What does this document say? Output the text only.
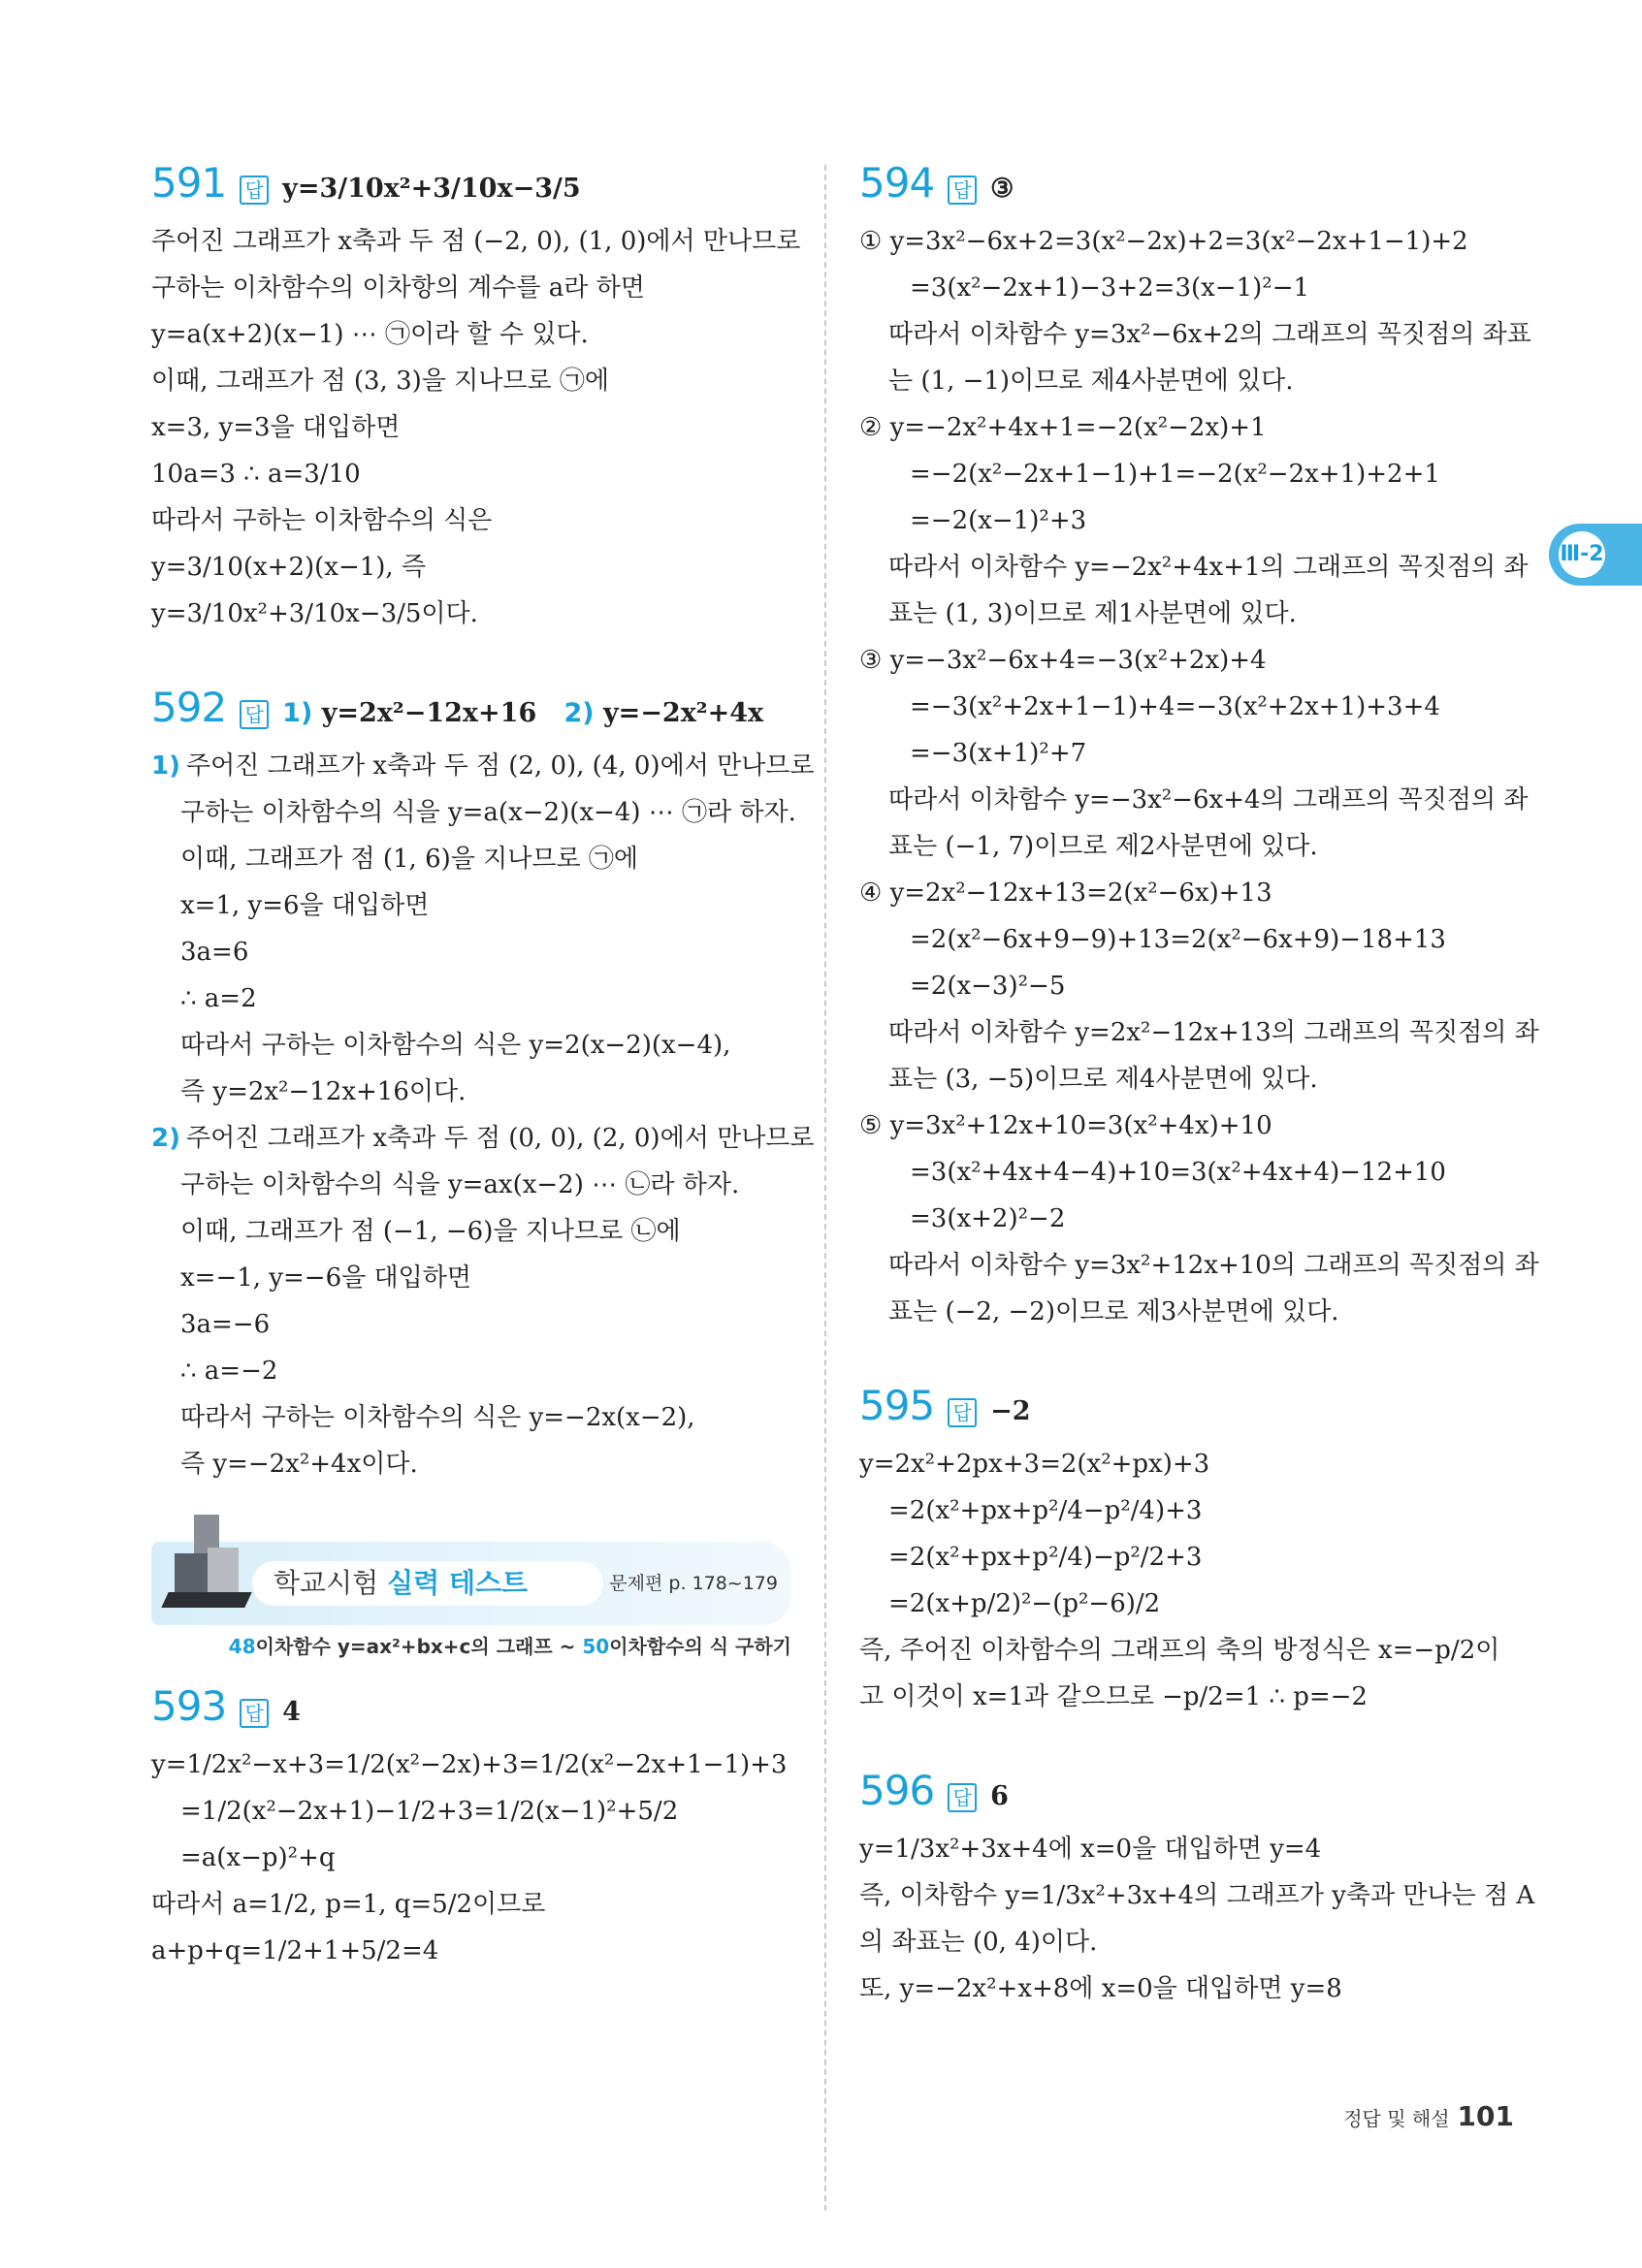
591 답 y=3/10x²+3/10x−3/5
주어진 그래프가 x축과 두 점 (−2, 0), (1, 0)에서 만나므로
구하는 이차함수의 이차항의 계수를 a라 하면
y=a(x+2)(x−1) ⋯ ㉠이라 할 수 있다.
이때, 그래프가 점 (3, 3)을 지나므로 ㉠에
x=3, y=3을 대입하면
10a=3 ∴ a=3/10
따라서 구하는 이차함수의 식은
y=3/10(x+2)(x−1), 즉
y=3/10x²+3/10x−3/5이다.
592 답 1) y=2x²−12x+16 2) y=−2x²+4x
1) 주어진 그래프가 x축과 두 점 (2, 0), (4, 0)에서 만나므로
구하는 이차함수의 식을 y=a(x−2)(x−4) ⋯ ㉠라 하자.
이때, 그래프가 점 (1, 6)을 지나므로 ㉠에
x=1, y=6을 대입하면
3a=6
∴ a=2
따라서 구하는 이차함수의 식은 y=2(x−2)(x−4),
즉 y=2x²−12x+16이다.
2) 주어진 그래프가 x축과 두 점 (0, 0), (2, 0)에서 만나므로
구하는 이차함수의 식을 y=ax(x−2) ⋯ ㉡라 하자.
이때, 그래프가 점 (−1, −6)을 지나므로 ㉡에
x=−1, y=−6을 대입하면
3a=−6
∴ a=−2
따라서 구하는 이차함수의 식은 y=−2x(x−2),
즉 y=−2x²+4x이다.
학교시험 실력 테스트	문제편 p. 178~179
48이차함수 y=ax²+bx+c의 그래프 ~ 50이차함수의 식 구하기
593 답 4
y=1/2x²−x+3=1/2(x²−2x)+3=1/2(x²−2x+1−1)+3
=1/2(x²−2x+1)−1/2+3=1/2(x−1)²+5/2
=a(x−p)²+q
따라서 a=1/2, p=1, q=5/2이므로
a+p+q=1/2+1+5/2=4
594 답 ③
① y=3x²−6x+2=3(x²−2x)+2=3(x²−2x+1−1)+2
=3(x²−2x+1)−3+2=3(x−1)²−1
따라서 이차함수 y=3x²−6x+2의 그래프의 꼭짓점의 좌표
는 (1, −1)이므로 제4사분면에 있다.
② y=−2x²+4x+1=−2(x²−2x)+1
=−2(x²−2x+1−1)+1=−2(x²−2x+1)+2+1
=−2(x−1)²+3
따라서 이차함수 y=−2x²+4x+1의 그래프의 꼭짓점의 좌
표는 (1, 3)이므로 제1사분면에 있다.
③ y=−3x²−6x+4=−3(x²+2x)+4
=−3(x²+2x+1−1)+4=−3(x²+2x+1)+3+4
=−3(x+1)²+7
따라서 이차함수 y=−3x²−6x+4의 그래프의 꼭짓점의 좌
표는 (−1, 7)이므로 제2사분면에 있다.
④ y=2x²−12x+13=2(x²−6x)+13
=2(x²−6x+9−9)+13=2(x²−6x+9)−18+13
=2(x−3)²−5
따라서 이차함수 y=2x²−12x+13의 그래프의 꼭짓점의 좌
표는 (3, −5)이므로 제4사분면에 있다.
⑤ y=3x²+12x+10=3(x²+4x)+10
=3(x²+4x+4−4)+10=3(x²+4x+4)−12+10
=3(x+2)²−2
따라서 이차함수 y=3x²+12x+10의 그래프의 꼭짓점의 좌
표는 (−2, −2)이므로 제3사분면에 있다.
595 답 −2
y=2x²+2px+3=2(x²+px)+3
=2(x²+px+p²/4−p²/4)+3
=2(x²+px+p²/4)−p²/2+3
=2(x+p/2)²−(p²−6)/2
즉, 주어진 이차함수의 그래프의 축의 방정식은 x=−p/2이
고 이것이 x=1과 같으므로 −p/2=1 ∴ p=−2
596 답 6
y=1/3x²+3x+4에 x=0을 대입하면 y=4
즉, 이차함수 y=1/3x²+3x+4의 그래프가 y축과 만나는 점 A
의 좌표는 (0, 4)이다.
또, y=−2x²+x+8에 x=0을 대입하면 y=8
Ⅲ-2
정답 및 해설 101
